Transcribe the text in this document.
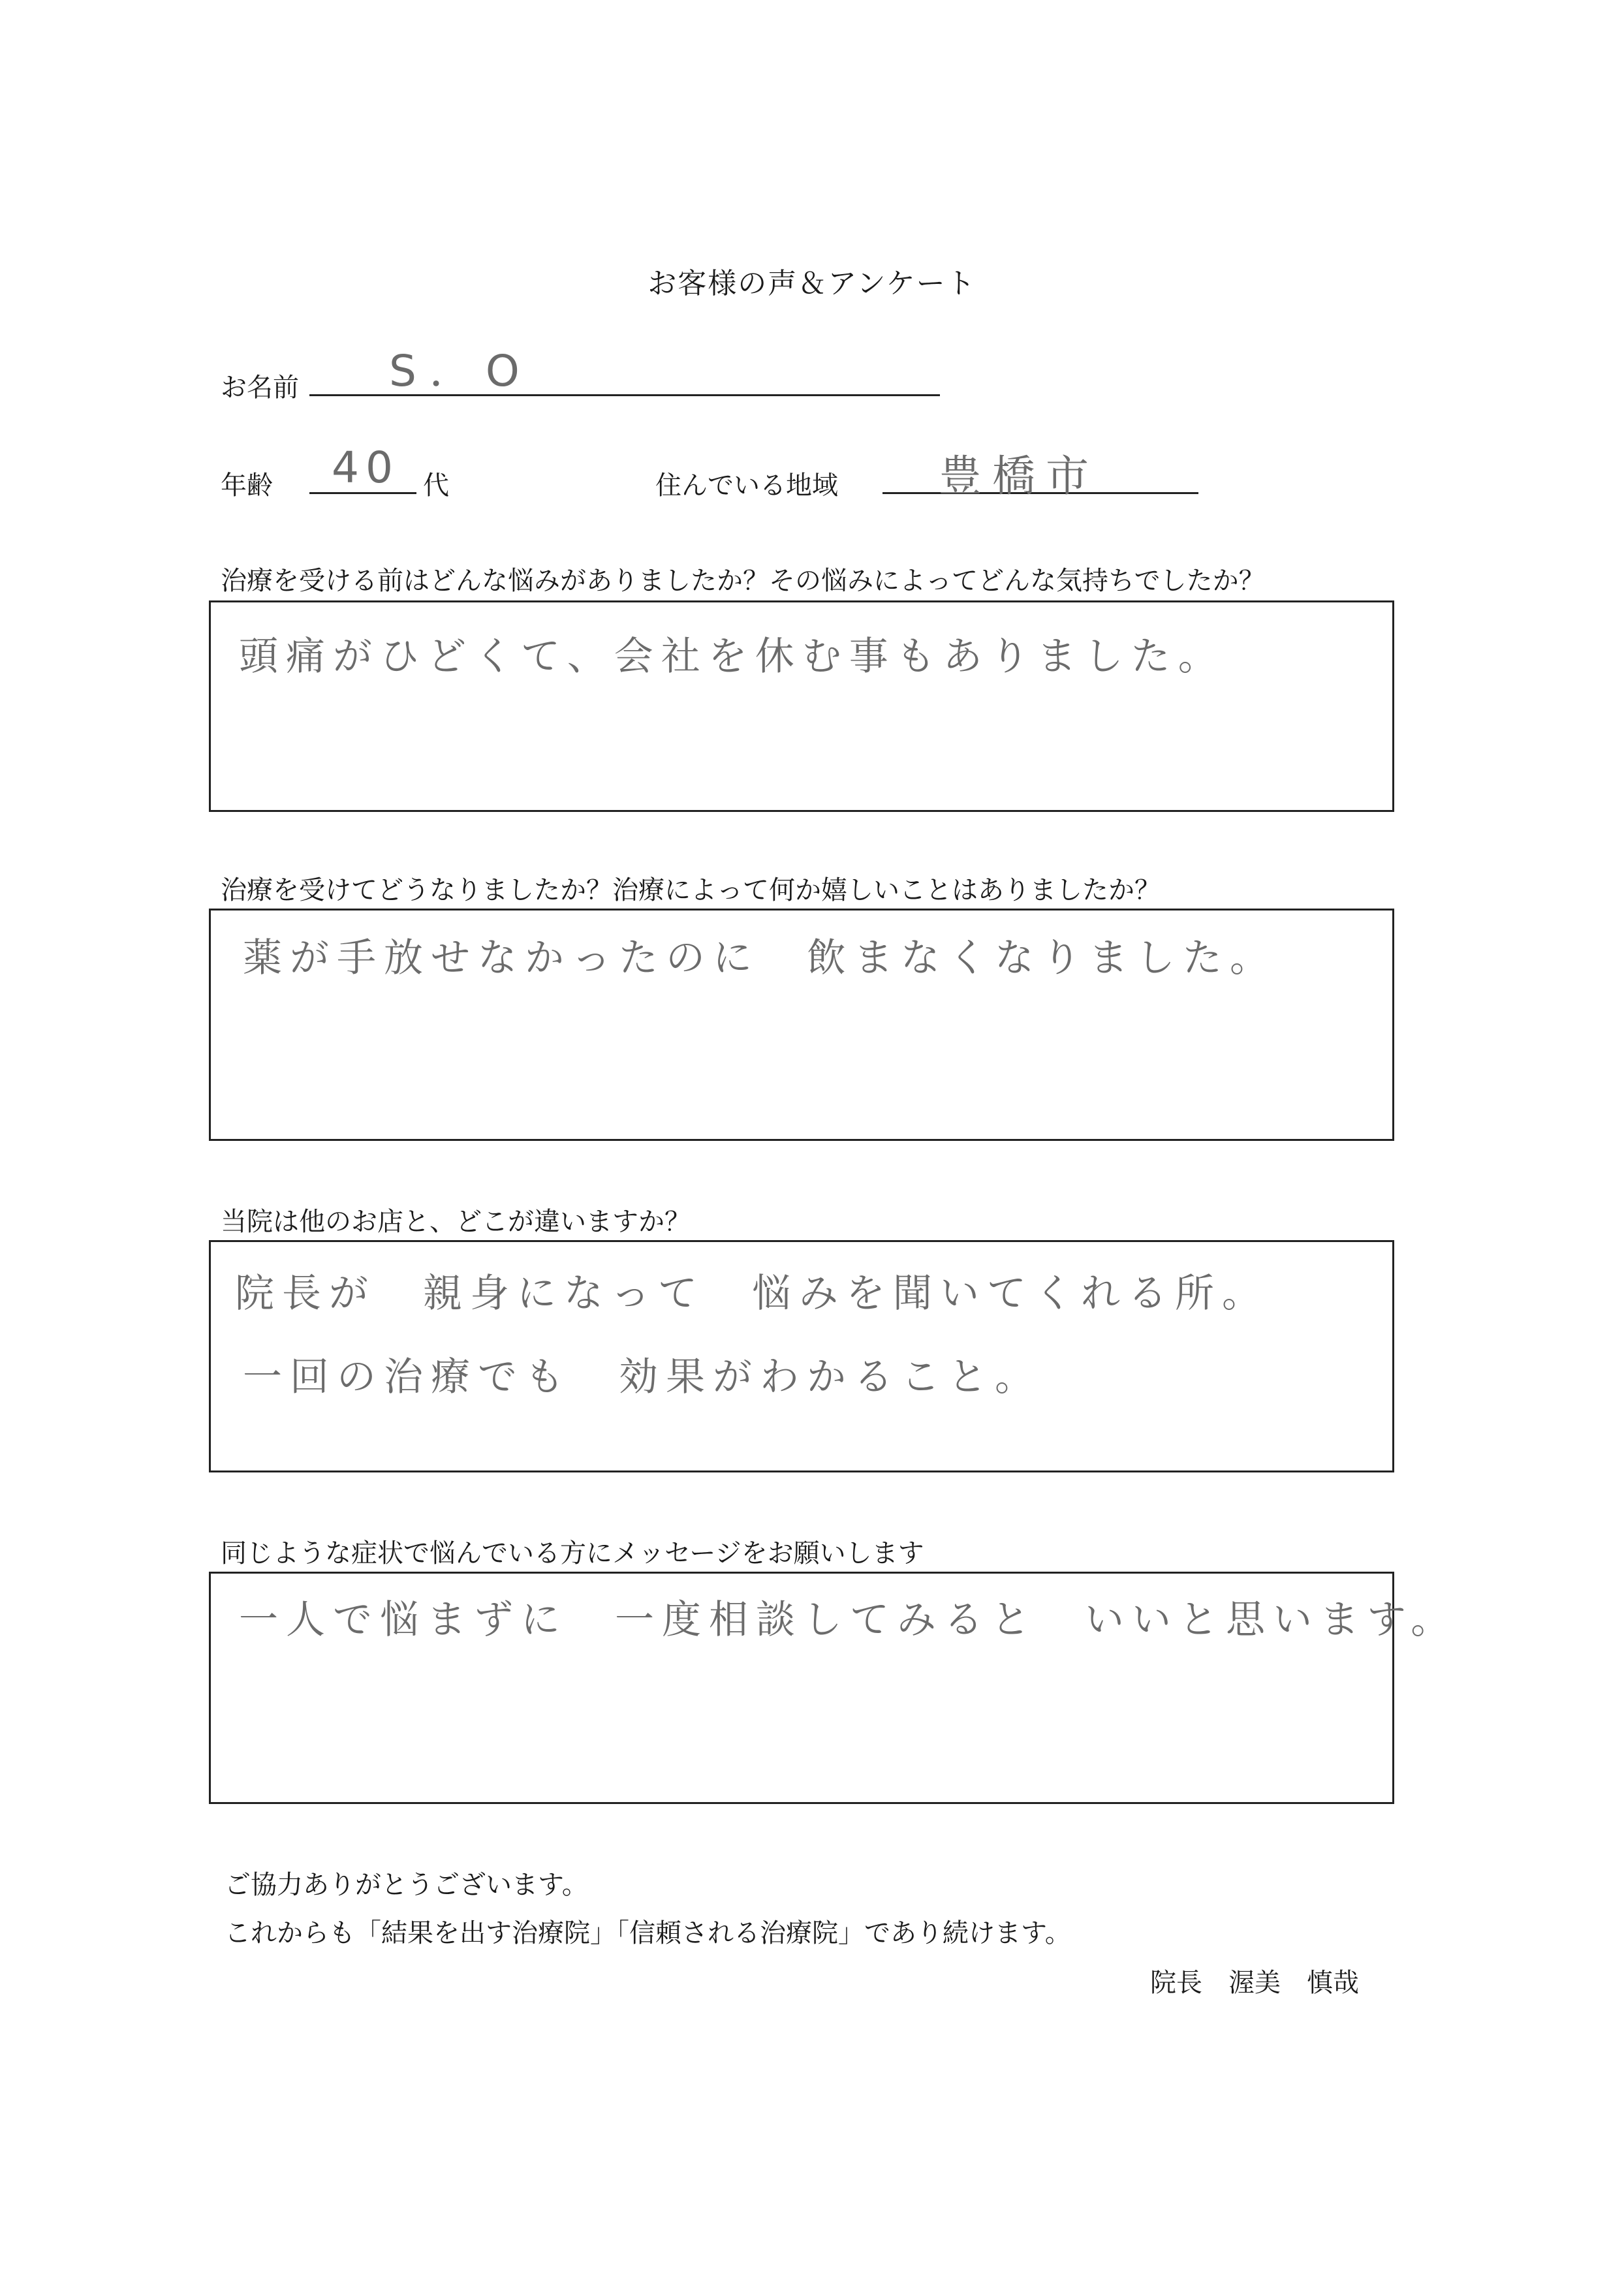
お客様の声＆アンケート
お名前 S．O
年齢 40 代	住んでいる地域 豊橋市
治療を受ける前はどんな悩みがありましたか？その悩みによってどんな気持ちでしたか？
頭痛がひどくて、会社を休む事もありました。
治療を受けてどうなりましたか？治療によって何か嬉しいことはありましたか？
薬が手放せなかったのに　飲まなくなりました。
当院は他のお店と、どこが違いますか？
院長が　親身になって　悩みを聞いてくれる所。
一回の治療でも　効果がわかること。
同じような症状で悩んでいる方にメッセージをお願いします
一人で悩まずに　一度相談してみると　いいと思います。
ご協力ありがとうございます。
これからも「結果を出す治療院」「信頼される治療院」であり続けます。
院長　渥美　慎哉
